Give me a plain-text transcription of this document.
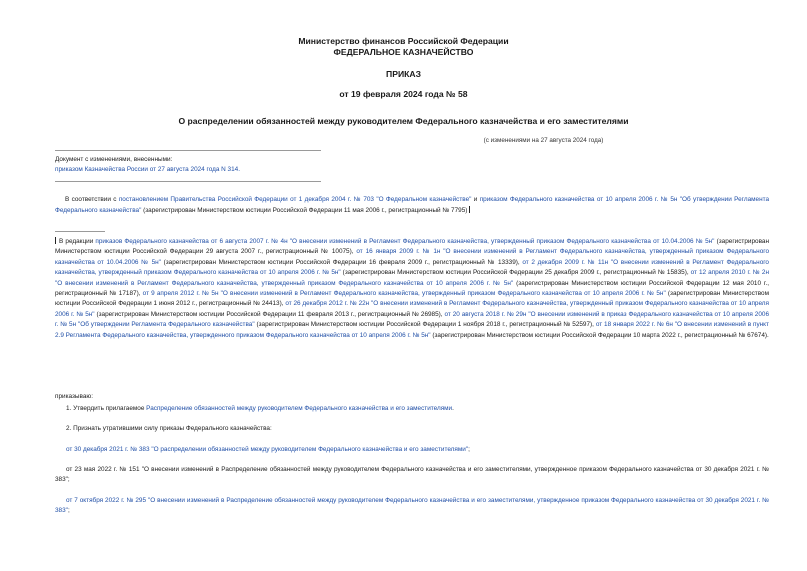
Министерство финансов Российской Федерации
ФЕДЕРАЛЬНОЕ КАЗНАЧЕЙСТВО
ПРИКАЗ
от 19 февраля 2024 года № 58
О распределении обязанностей между руководителем Федерального казначейства и его заместителями
(с изменениями на 27 августа 2024 года)
Документ с изменениями, внесенными:
приказом Казначейства России от 27 августа 2024 года N 314.
В соответствии с постановлением Правительства Российской Федерации от 1 декабря 2004 г. № 703 "О Федеральном казначействе" и приказом Федерального казначейства от 10 апреля 2006 г. № 5н "Об утверждении Регламента Федерального казначейства" (зарегистрирован Министерством юстиции Российской Федерации 11 мая 2006 г., регистрационный № 7795)
В редакции приказов Федерального казначейства от 6 августа 2007 г. № 4н "О внесении изменений в Регламент Федерального казначейства, утвержденный приказом Федерального казначейства от 10.04.2006 № 5н" (зарегистрирован Министерством юстиции Российской Федерации 29 августа 2007 г., регистрационный № 10075), от 16 января 2009 г. № 1н "О внесении изменений в Регламент Федерального казначейства, утвержденный приказом Федерального казначейства от 10.04.2006 № 5н" (зарегистрирован Министерством юстиции Российской Федерации 16 февраля 2009 г., регистрационный № 13339), от 2 декабря 2009 г. № 11н "О внесении изменений в Регламент Федерального казначейства, утвержденный приказом Федерального казначейства от 10 апреля 2006 г. № 5н" (зарегистрирован Министерством юстиции Российской Федерации 25 декабря 2009 г., регистрационный № 15835), от 12 апреля 2010 г. № 2н "О внесении изменений в Регламент Федерального казначейства, утвержденный приказом Федерального казначейства от 10 апреля 2006 г. № 5н" (зарегистрирован Министерством юстиции Российской Федерации 12 мая 2010 г., регистрационный № 17187), от 9 апреля 2012 г. № 5н "О внесении изменений в Регламент Федерального казначейства, утвержденный приказом Федерального казначейства от 10 апреля 2006 г. № 5н" (зарегистрирован Министерством юстиции Российской Федерации 1 июня 2012 г., регистрационный № 24413), от 26 декабря 2012 г. № 22н "О внесении изменений в Регламент Федерального казначейства, утвержденный приказом Федерального казначейства от 10 апреля 2006 г. № 5н" (зарегистрирован Министерством юстиции Российской Федерации 11 февраля 2013 г., регистрационный № 26985), от 20 августа 2018 г. № 29н "О внесении изменений в приказ Федерального казначейства от 10 апреля 2006 г. № 5н "Об утверждении Регламента Федерального казначейства" (зарегистрирован Министерством юстиции Российской Федерации 1 ноября 2018 г., регистрационный № 52597), от 18 января 2022 г. № 6н "О внесении изменений в пункт 2.9 Регламента Федерального казначейства, утвержденного приказом Федерального казначейства от 10 апреля 2006 г. № 5н" (зарегистрирован Министерством юстиции Российской Федерации 10 марта 2022 г., регистрационный № 67674).
приказываю:
1. Утвердить прилагаемое Распределение обязанностей между руководителем Федерального казначейства и его заместителями.
2. Признать утратившими силу приказы Федерального казначейства:
от 30 декабря 2021 г. № 383 "О распределении обязанностей между руководителем Федерального казначейства и его заместителями";
от 23 мая 2022 г. № 151 "О внесении изменений в Распределение обязанностей между руководителем Федерального казначейства и его заместителями, утвержденное приказом Федерального казначейства от 30 декабря 2021 г. № 383";
от 7 октября 2022 г. № 295 "О внесении изменений в Распределение обязанностей между руководителем Федерального казначейства и его заместителями, утвержденное приказом Федерального казначейства от 30 декабря 2021 г. № 383";
